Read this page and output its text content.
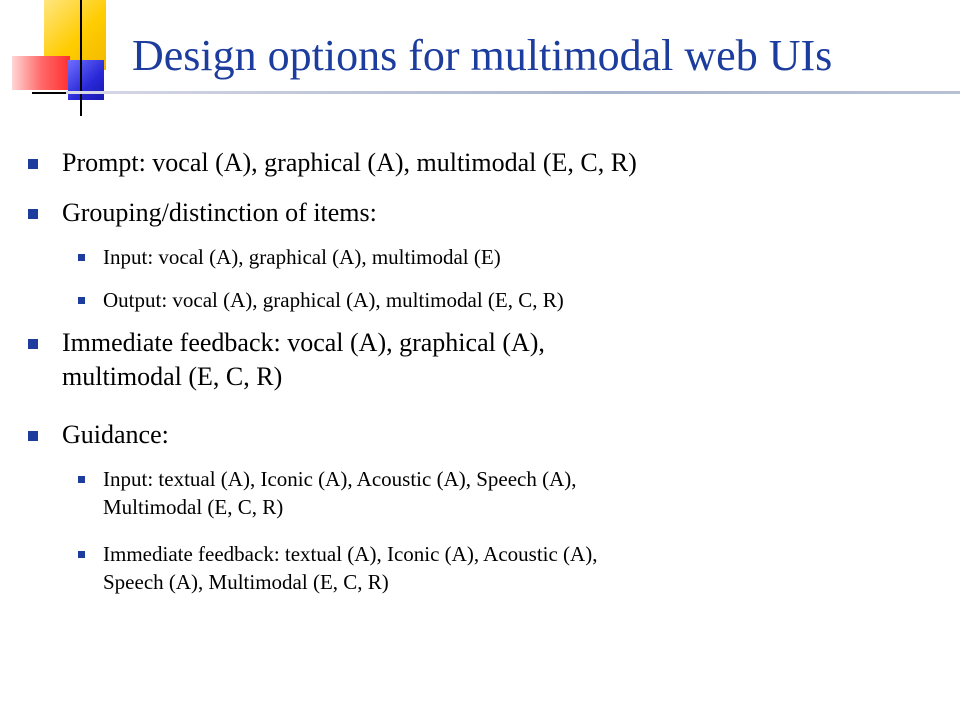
Design options for multimodal web UIs
Prompt: vocal (A), graphical (A), multimodal (E, C, R)
Grouping/distinction of items:
Input: vocal (A), graphical (A), multimodal (E)
Output: vocal (A), graphical (A), multimodal (E, C, R)
Immediate feedback: vocal (A), graphical (A),
multimodal (E, C, R)
Guidance:
Input: textual (A), Iconic (A), Acoustic (A), Speech (A),
Multimodal (E, C, R)
Immediate feedback: textual (A), Iconic (A), Acoustic (A),
Speech (A), Multimodal (E, C, R)
